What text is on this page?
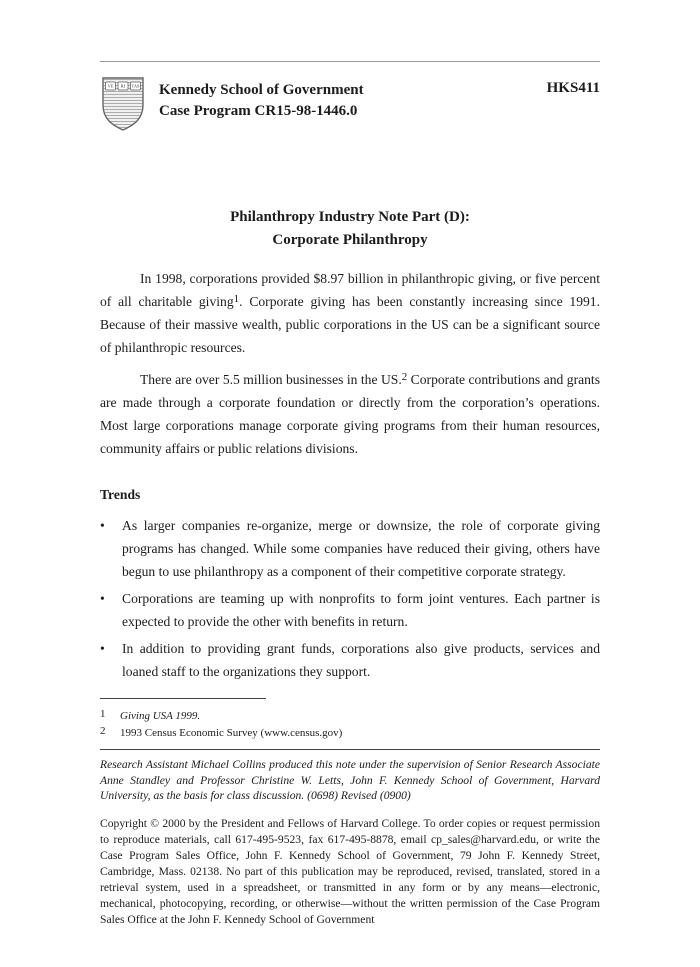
VE RI TAS Kennedy School of Government
Case Program CR15-98-1446.0
HKS411
Philanthropy Industry Note Part (D):
Corporate Philanthropy

In 1998, corporations provided $8.97 billion in philanthropic giving, or five percent of all charitable giving$^1$. Corporate giving has been constantly increasing since 1991. Because of their massive wealth, public corporations in the US can be a significant source of philanthropic resources.

There are over 5.5 million businesses in the US.$^2$ Corporate contributions and grants are made through a corporate foundation or directly from the corporation’s operations. Most large corporations manage corporate giving programs from their human resources, community affairs or public relations divisions.

Trends
•	As larger companies re-organize, merge or downsize, the role of corporate giving programs has changed. While some companies have reduced their giving, others have begun to use philanthropy as a component of their competitive corporate strategy.
•	Corporations are teaming up with nonprofits to form joint ventures. Each partner is expected to provide the other with benefits in return.
•	In addition to providing grant funds, corporations also give products, services and loaned staff to the organizations they support.
1 Giving USA 1999.
2 1993 Census Economic Survey (www.census.gov)

Research Assistant Michael Collins produced this note under the supervision of Senior Research Associate Anne Standley and Professor Christine W. Letts, John F. Kennedy School of Government, Harvard University, as the basis for class discussion. (0698) Revised (0900)

Copyright © 2000 by the President and Fellows of Harvard College. To order copies or request permission to reproduce materials, call 617-495-9523, fax 617-495-8878, email cp_sales@harvard.edu, or write the Case Program Sales Office, John F. Kennedy School of Government, 79 John F. Kennedy Street, Cambridge, Mass. 02138. No part of this publication may be reproduced, revised, translated, stored in a retrieval system, used in a spreadsheet, or transmitted in any form or by any means—electronic, mechanical, photocopying, recording, or otherwise—without the written permission of the Case Program Sales Office at the John F. Kennedy School of Government
